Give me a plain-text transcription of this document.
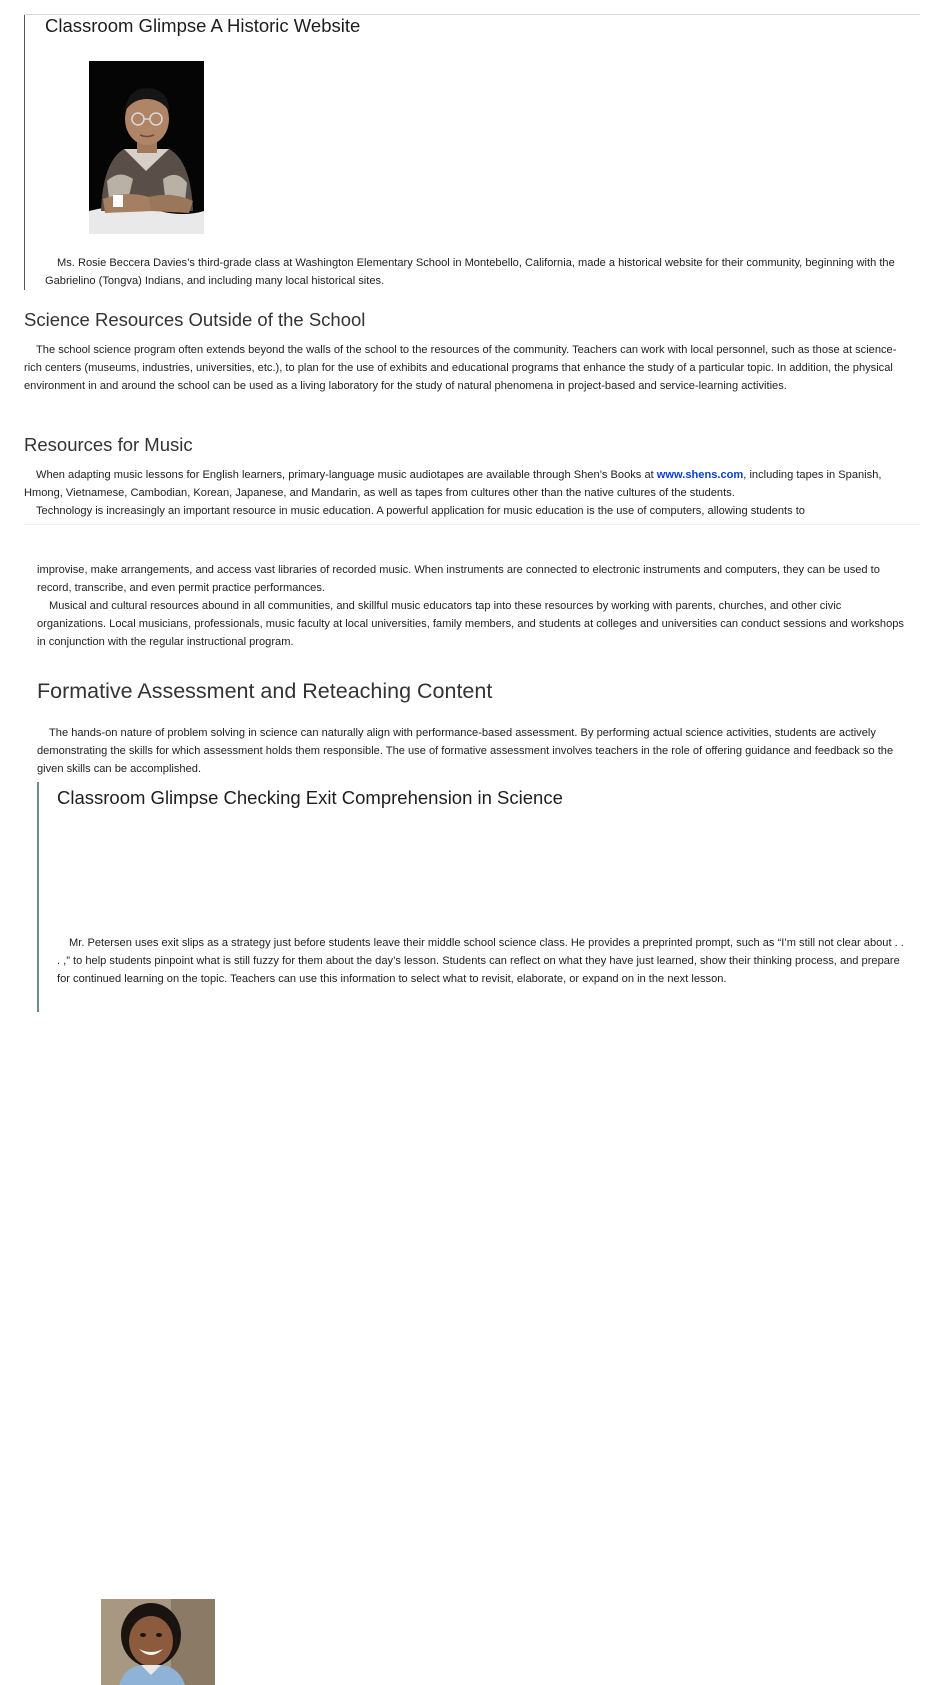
Classroom Glimpse A Historic Website

Ms. Rosie Beccera Davies’s third-grade class at Washington Elementary School in Montebello, California, made a historical website for their community, beginning with the Gabrielino (Tongva) Indians, and including many local historical sites.

Science Resources Outside of the School

The school science program often extends beyond the walls of the school to the resources of the community. Teachers can work with local personnel, such as those at science-rich centers (museums, industries, universities, etc.), to plan for the use of exhibits and educational programs that enhance the study of a particular topic. In addition, the physical environment in and around the school can be used as a living laboratory for the study of natural phenomena in project-based and service-learning activities.

Resources for Music

When adapting music lessons for English learners, primary-language music audiotapes are available through Shen’s Books at www.shens.com, including tapes in Spanish, Hmong, Vietnamese, Cambodian, Korean, Japanese, and Mandarin, as well as tapes from cultures other than the native cultures of the students.

Technology is increasingly an important resource in music education. A powerful application for music education is the use of computers, allowing students to

improvise, make arrangements, and access vast libraries of recorded music. When instruments are connected to electronic instruments and computers, they can be used to record, transcribe, and even permit practice performances.

Musical and cultural resources abound in all communities, and skillful music educators tap into these resources by working with parents, churches, and other civic organizations. Local musicians, professionals, music faculty at local universities, family members, and students at colleges and universities can conduct sessions and workshops in conjunction with the regular instructional program.

Formative Assessment and Reteaching Content

The hands-on nature of problem solving in science can naturally align with performance-based assessment. By performing actual science activities, students are actively demonstrating the skills for which assessment holds them responsible. The use of formative assessment involves teachers in the role of offering guidance and feedback so the given skills can be accomplished.

Classroom Glimpse Checking Exit Comprehension in Science

Mr. Petersen uses exit slips as a strategy just before students leave their middle school science class. He provides a preprinted prompt, such as “I’m still not clear about . . . ,” to help students pinpoint what is still fuzzy for them about the day’s lesson. Students can reflect on what they have just learned, show their thinking process, and prepare for continued learning on the topic. Teachers can use this information to select what to revisit, elaborate, or expand on in the next lesson.
